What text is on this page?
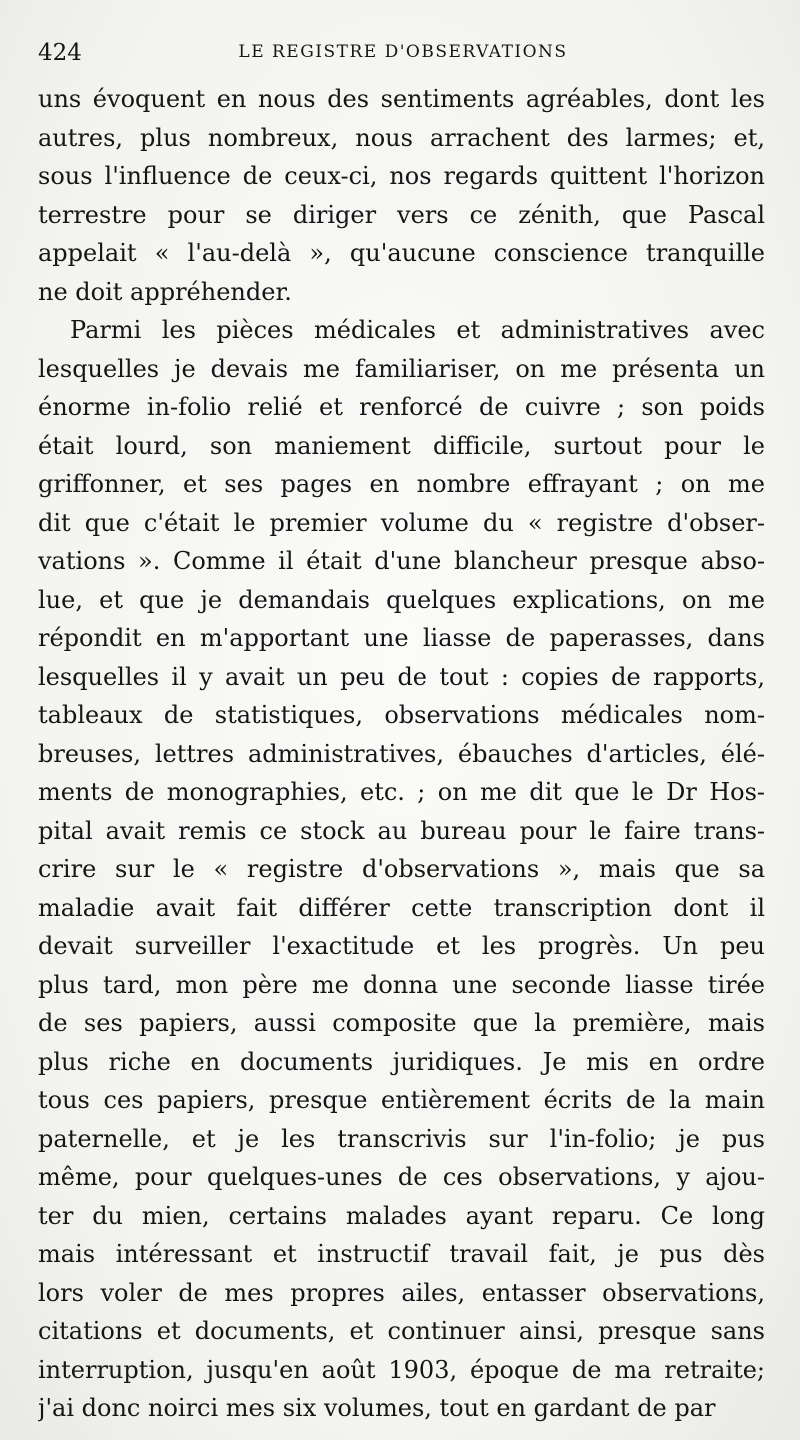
424	LE REGISTRE D'OBSERVATIONS
uns évoquent en nous des sentiments agréables, dont les
autres, plus nombreux, nous arrachent des larmes; et,
sous l'influence de ceux-ci, nos regards quittent l'horizon
terrestre pour se diriger vers ce zénith, que Pascal
appelait « l'au-delà », qu'aucune conscience tranquille
ne doit appréhender.
Parmi les pièces médicales et administratives avec
lesquelles je devais me familiariser, on me présenta un
énorme in-folio relié et renforcé de cuivre ; son poids
était lourd, son maniement difficile, surtout pour le
griffonner, et ses pages en nombre effrayant ; on me
dit que c'était le premier volume du « registre d'obser-
vations ». Comme il était d'une blancheur presque abso-
lue, et que je demandais quelques explications, on me
répondit en m'apportant une liasse de paperasses, dans
lesquelles il y avait un peu de tout : copies de rapports,
tableaux de statistiques, observations médicales nom-
breuses, lettres administratives, ébauches d'articles, élé-
ments de monographies, etc. ; on me dit que le Dr Hos-
pital avait remis ce stock au bureau pour le faire trans-
crire sur le « registre d'observations », mais que sa
maladie avait fait différer cette transcription dont il
devait surveiller l'exactitude et les progrès. Un peu
plus tard, mon père me donna une seconde liasse tirée
de ses papiers, aussi composite que la première, mais
plus riche en documents juridiques. Je mis en ordre
tous ces papiers, presque entièrement écrits de la main
paternelle, et je les transcrivis sur l'in-folio; je pus
même, pour quelques-unes de ces observations, y ajou-
ter du mien, certains malades ayant reparu. Ce long
mais intéressant et instructif travail fait, je pus dès
lors voler de mes propres ailes, entasser observations,
citations et documents, et continuer ainsi, presque sans
interruption, jusqu'en août 1903, époque de ma retraite;
j'ai donc noirci mes six volumes, tout en gardant de par
